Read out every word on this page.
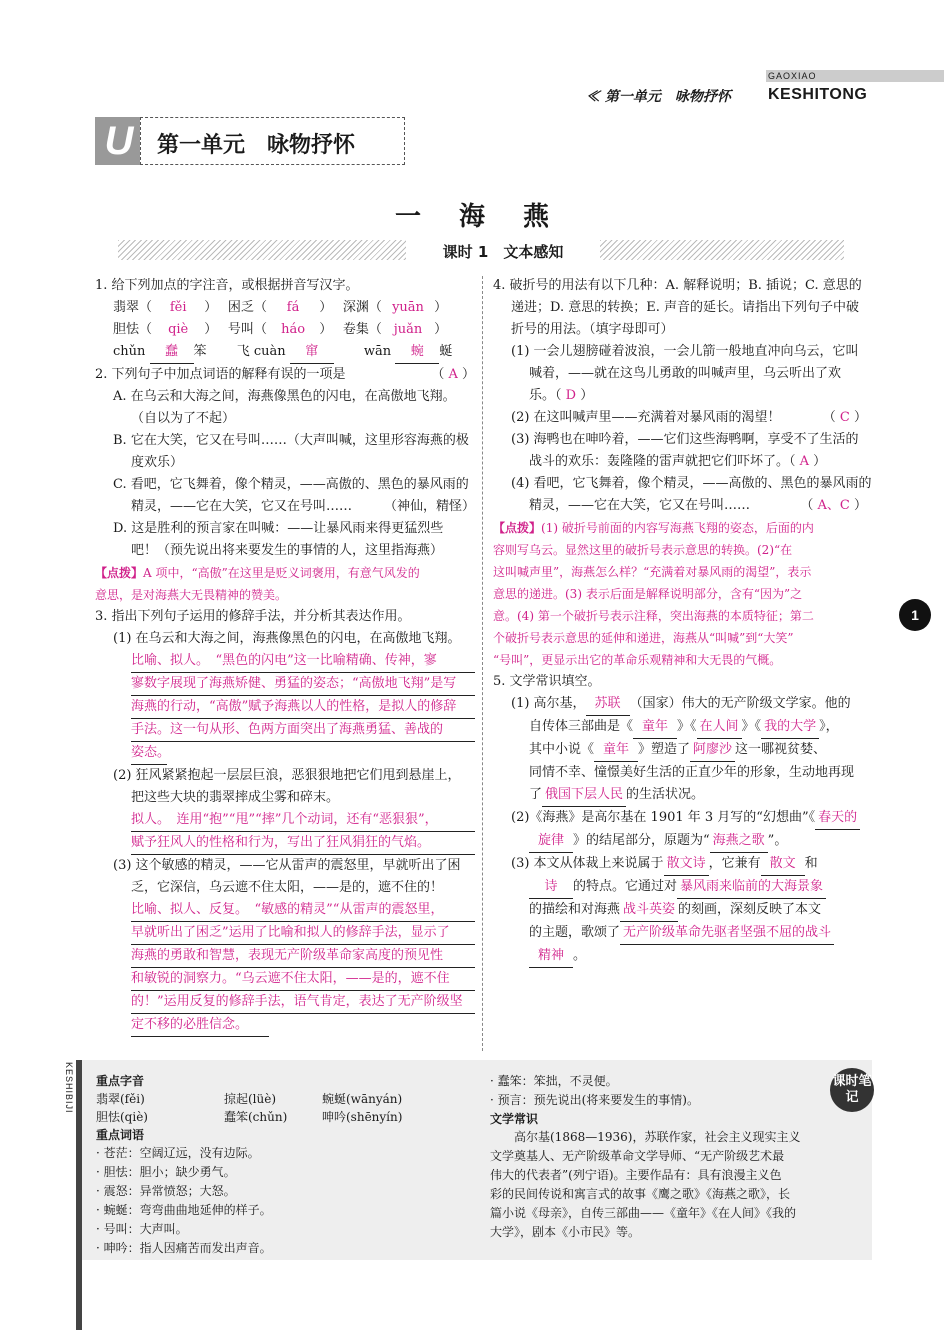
≪ 第一单元　咏物抒怀
GAOXIAO
KESHITONG
U	第一单元　咏物抒怀
一　海　燕
课时 1　文本感知
1. 给下列加点的字注音，或根据拼音写汉字。
翡翠（ fěi ）　 困乏（ fá ）　 深渊（ yuān ）
胆怯（ qiè ）　 号叫（ háo ）　 卷集（ juǎn ）
chǔn 蠢 笨　　 飞 cuàn 窜　　	wān 蜿 蜒
2. 下列句子中加点词语的解释有误的一项是	（ A ）
A. 在乌云和大海之间，海燕像黑色的闪电，在高傲地飞翔。
（自以为了不起）
B. 它在大笑，它又在号叫……（大声叫喊，这里形容海燕的极
度欢乐）
C. 看吧，它飞舞着，像个精灵，——高傲的、黑色的暴风雨的
精灵，——它在大笑，它又在号叫…… （神仙，精怪）
D. 这是胜利的预言家在叫喊：——让暴风雨来得更猛烈些
吧！（预先说出将来要发生的事情的人，这里指海燕）
【点拨】A 项中，“高傲”在这里是贬义词褒用，有意气风发的
意思，是对海燕大无畏精神的赞美。
3. 指出下列句子运用的修辞手法，并分析其表达作用。
(1) 在乌云和大海之间，海燕像黑色的闪电，在高傲地飞翔。
比喻、拟人。　“黑色的闪电”这一比喻精确、传神，寥
寥数字展现了海燕矫健、勇猛的姿态；“高傲地飞翔”是写
海燕的行动，“高傲”赋予海燕以人的性格，是拟人的修辞
手法。这一句从形、色两方面突出了海燕勇猛、善战的
姿态。
(2) 狂风紧紧抱起一层层巨浪，恶狠狠地把它们甩到悬崖上，
把这些大块的翡翠摔成尘雾和碎末。
拟人。　连用“抱”“甩”“摔”几个动词，还有“恶狠狠”，
赋予狂风人的性格和行为，写出了狂风狷狂的气焰。
(3) 这个敏感的精灵，——它从雷声的震怒里，早就听出了困
乏，它深信，乌云遮不住太阳，——是的，遮不住的！
比喻、拟人、反复。　“敏感的精灵”“从雷声的震怒里，
早就听出了困乏”运用了比喻和拟人的修辞手法，显示了
海燕的勇敢和智慧，表现无产阶级革命家高度的预见性
和敏锐的洞察力。“乌云遮不住太阳，——是的，遮不住
的！”运用反复的修辞手法，语气肯定，表达了无产阶级坚
定不移的必胜信念。
4. 破折号的用法有以下几种：A. 解释说明；B. 插说；C. 意思的
递进；D. 意思的转换；E. 声音的延长。请指出下列句子中破
折号的用法。（填字母即可）
(1) 一会儿翅膀碰着波浪，一会儿箭一般地直冲向乌云，它叫
喊着，——就在这鸟儿勇敢的叫喊声里，乌云听出了欢
乐。（ D ）
(2) 在这叫喊声里——充满着对暴风雨的渴望！	（ C ）
(3) 海鸭也在呻吟着，——它们这些海鸭啊，享受不了生活的
战斗的欢乐：轰隆隆的雷声就把它们吓坏了。（ A ）
(4) 看吧，它飞舞着，像个精灵，——高傲的、黑色的暴风雨的
精灵，——它在大笑，它又在号叫……	（ A、C ）
【点拨】(1) 破折号前面的内容写海燕飞翔的姿态，后面的内
容则写乌云。显然这里的破折号表示意思的转换。(2)“在
这叫喊声里”，海燕怎么样？“充满着对暴风雨的渴望”，表示
意思的递进。(3) 表示后面是解释说明部分，含有“因为”之
意。(4) 第一个破折号表示注释，突出海燕的本质特征；第二
个破折号表示意思的延伸和递进，海燕从“叫喊”到“大笑”
“号叫”，更显示出它的革命乐观精神和大无畏的气概。
5. 文学常识填空。
(1) 高尔基， 苏联 （国家）伟大的无产阶级文学家。他的
自传体三部曲是《 童年 》《 在人间 》《 我的大学 》，
其中小说《 童年 》塑造了 阿廖沙 这一哪视贫婪、
同情不幸、憧憬美好生活的正直少年的形象，生动地再现
了 俄国下层人民 的生活状况。
(2)《海燕》是高尔基在 1901 年 3 月写的“幻想曲”《 春天的
旋律 》的结尾部分，原题为“ 海燕之歌 ”。
(3) 本文从体裁上来说属于 散文诗 ，它兼有 散文 和
诗 的特点。它通过对 暴风雨来临前的大海景象
的描绘和对海燕 战斗英姿 的刻画，深刻反映了本文
的主题，歌颂了 无产阶级革命先驱者坚强不屈的战斗
精神 。
1
KESHIBIJI 重点字音
翡翠(fěi)	掠起(lüè)	蜿蜒(wānyán)
胆怯(qiè)	蠢笨(chǔn)	呻吟(shēnyín)
重点词语
· 苍茫：空阔辽远，没有边际。
· 胆怯：胆小；缺少勇气。
· 震怒：异常愤怒；大怒。
· 蜿蜒：弯弯曲曲地延伸的样子。
· 号叫：大声叫。
· 呻吟：指人因痛苦而发出声音。
· 蠢笨：笨拙，不灵便。
· 预言：预先说出(将来要发生的事情)。
文学常识
高尔基(1868—1936)，苏联作家，社会主义现实主义
文学奠基人、无产阶级革命文学导师、“无产阶级艺术最
伟大的代表者”(列宁语)。主要作品有：具有浪漫主义色
彩的民间传说和寓言式的故事《鹰之歌》《海燕之歌》，长
篇小说《母亲》，自传三部曲——《童年》《在人间》《我的
大学》，剧本《小市民》等。
课时笔记
